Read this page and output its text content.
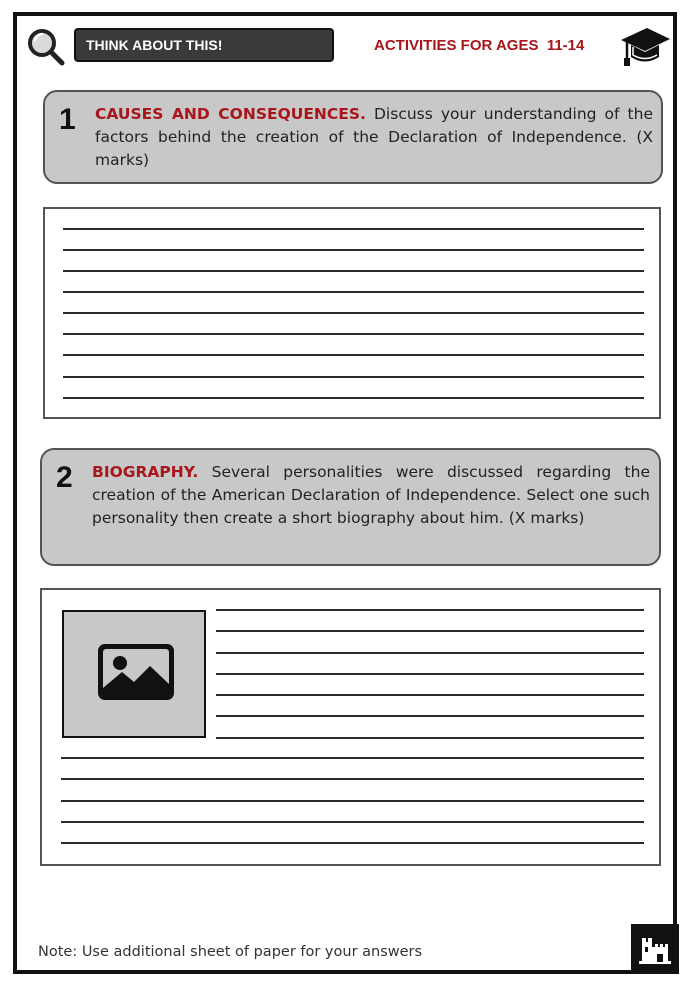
THINK ABOUT THIS!	ACTIVITIES FOR AGES 11-14
1 CAUSES AND CONSEQUENCES. Discuss your understanding of the factors behind the creation of the Declaration of Independence. (X marks)
2 BIOGRAPHY. Several personalities were discussed regarding the creation of the American Declaration of Independence. Select one such personality then create a short biography about him. (X marks)
Note: Use additional sheet of paper for your answers
